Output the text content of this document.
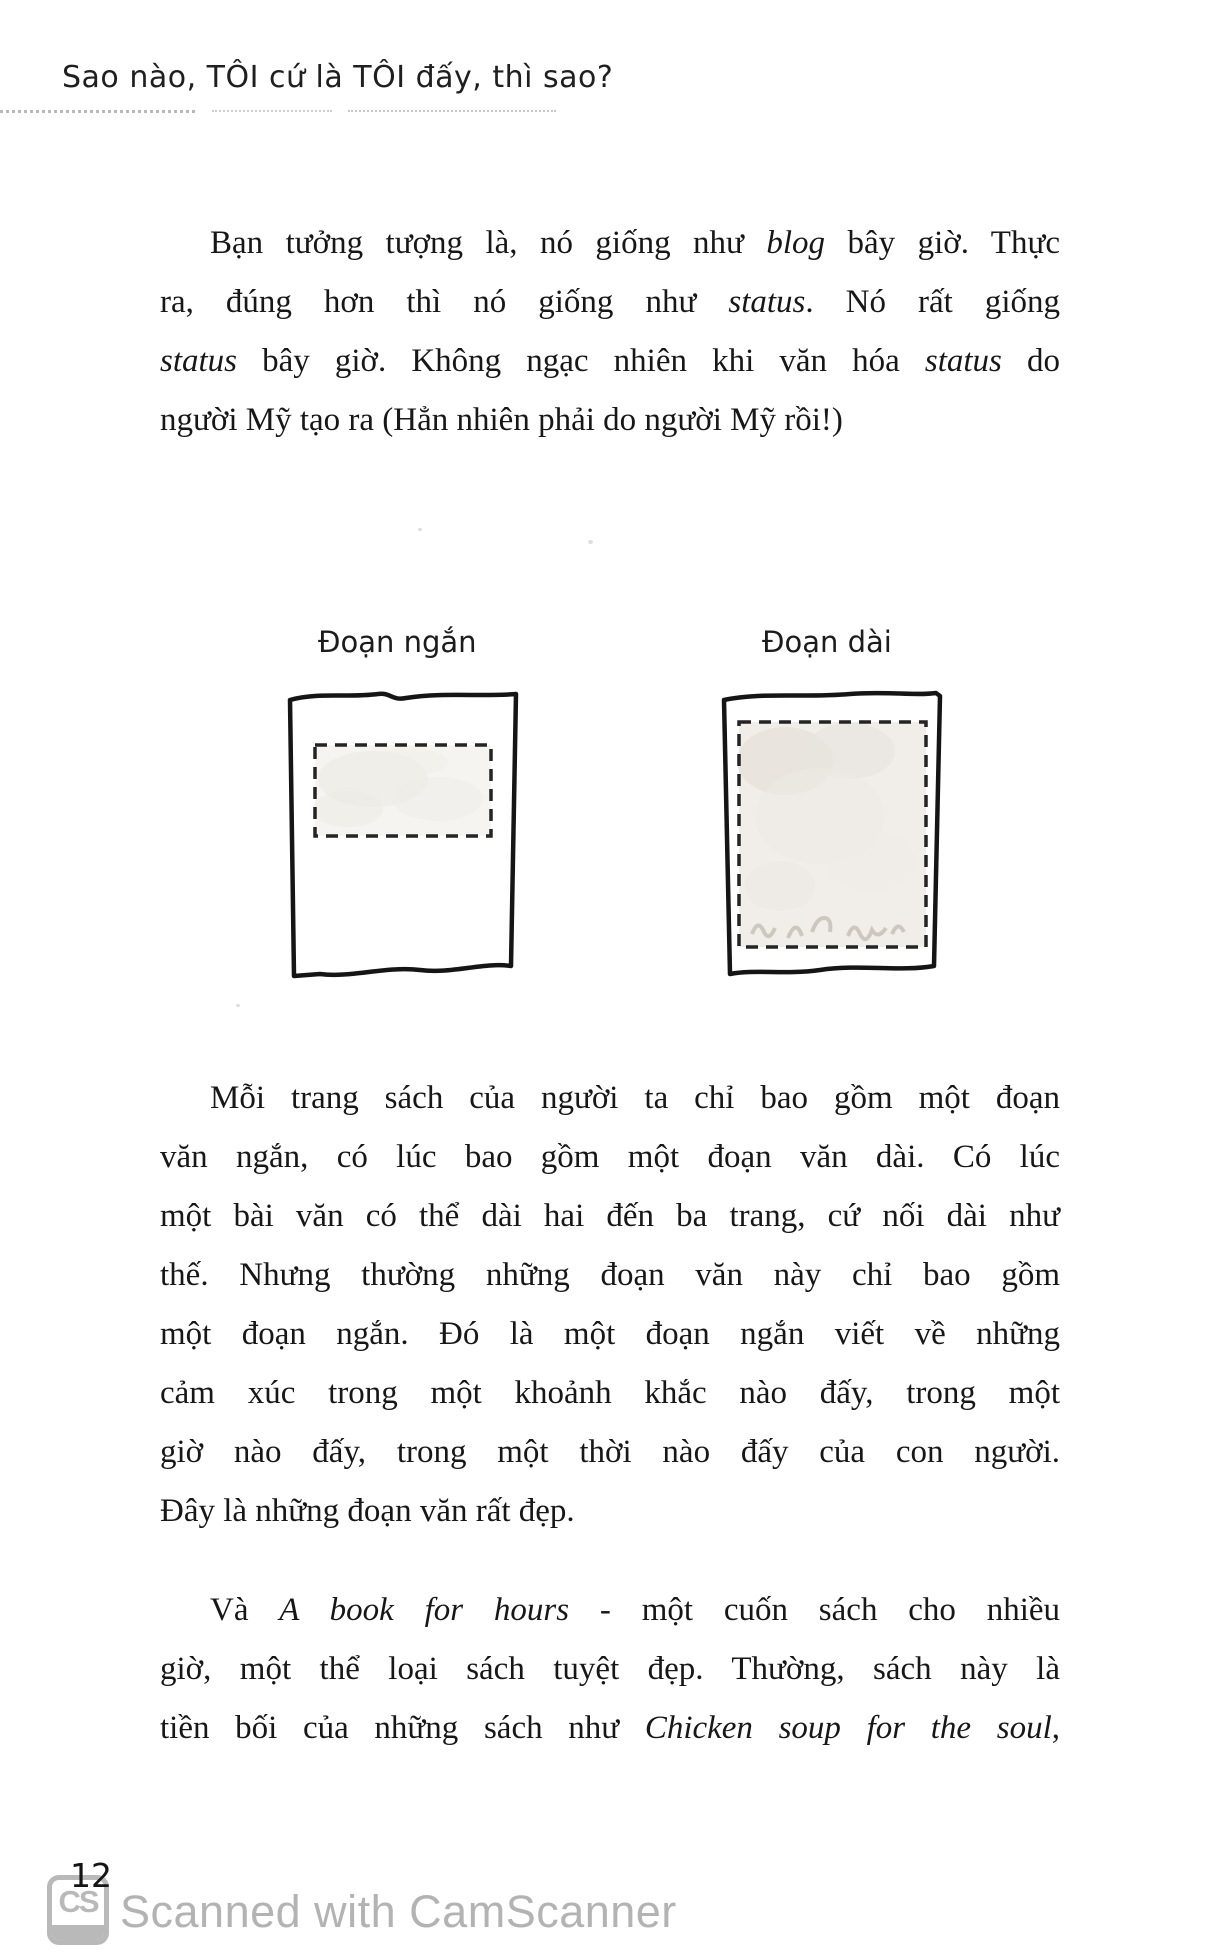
Sao nào, TÔI cứ là TÔI đấy, thì sao?
Bạn tưởng tượng là, nó giống như blog bây giờ. Thực
ra, đúng hơn thì nó giống như status. Nó rất giống
status bây giờ. Không ngạc nhiên khi văn hóa status do
người Mỹ tạo ra (Hẳn nhiên phải do người Mỹ rồi!)
Đoạn ngắn	Đoạn dài
Mỗi trang sách của người ta chỉ bao gồm một đoạn
văn ngắn, có lúc bao gồm một đoạn văn dài. Có lúc
một bài văn có thể dài hai đến ba trang, cứ nối dài như
thế. Nhưng thường những đoạn văn này chỉ bao gồm
một đoạn ngắn. Đó là một đoạn ngắn viết về những
cảm xúc trong một khoảnh khắc nào đấy, trong một
giờ nào đấy, trong một thời nào đấy của con người.
Đây là những đoạn văn rất đẹp.
Và A book for hours - một cuốn sách cho nhiều
giờ, một thể loại sách tuyệt đẹp. Thường, sách này là
tiền bối của những sách như Chicken soup for the soul,
12
CS Scanned with CamScanner
